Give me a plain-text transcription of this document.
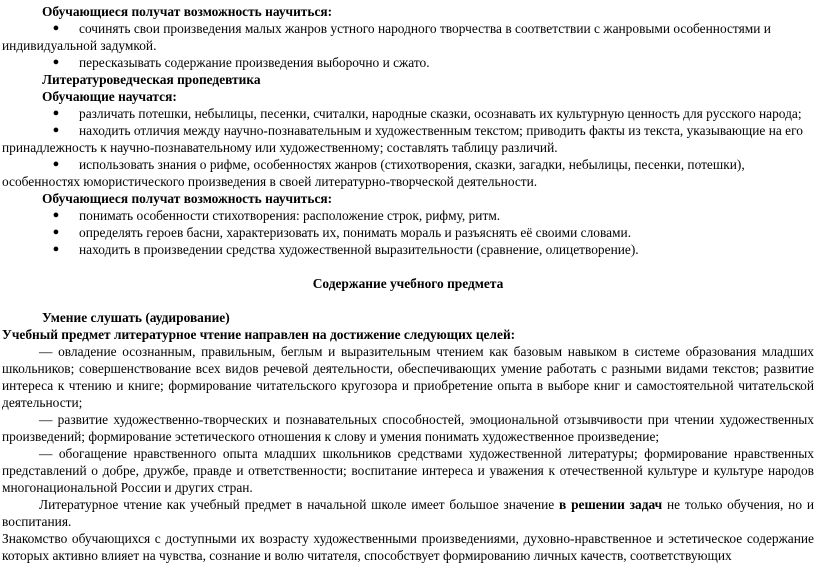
Обучающиеся получат возможность научиться:

● сочинять свои произведения малых жанров устного народного творчества в соответствии с жанровыми особенностями и индивидуальной задумкой.

● пересказывать содержание произведения выборочно и сжато.

Литературоведческая пропедевтика

Обучающие научатся:

● различать потешки, небылицы, песенки, считалки, народные сказки, осознавать их культурную ценность для русского народа;

● находить отличия между научно-познавательным и художественным текстом; приводить факты из текста, указывающие на его принадлежность к научно-познавательному или художественному; составлять таблицу различий.

● использовать знания о рифме, особенностях жанров (стихотворения, сказки, загадки, небылицы, песенки, потешки), особенностях юмористического произведения в своей литературно-творческой деятельности.

Обучающиеся получат возможность научиться:

● понимать особенности стихотворения: расположение строк, рифму, ритм.

● определять героев басни, характеризовать их, понимать мораль и разъяснять её своими словами.

● находить в произведении средства художественной выразительности (сравнение, олицетворение).

Содержание учебного предмета

Умение слушать (аудирование)

Учебный предмет литературное чтение направлен на достижение следующих целей:

— овладение осознанным, правильным, беглым и выразительным чтением как базовым навыком в системе образования младших школьников; совершенствование всех видов речевой деятельности, обеспечивающих умение работать с разными видами текстов; развитие интереса к чтению и книге; формирование читательского кругозора и приобретение опыта в выборе книг и самостоятельной читательской деятельности;

— развитие художественно-творческих и познавательных способностей, эмоциональной отзывчивости при чтении художественных произведений; формирование эстетического отношения к слову и умения понимать художественное произведение;

— обогащение нравственного опыта младших школьников средствами художественной литературы; формирование нравственных представлений о добре, дружбе, правде и ответственности; воспитание интереса и уважения к отечественной культуре и культуре народов многонациональной России и других стран.

Литературное чтение как учебный предмет в начальной школе имеет большое значение в решении задач не только обучения, но и воспитания.

Знакомство обучающихся с доступными их возрасту художественными произведениями, духовно-нравственное и эстетическое содержание которых активно влияет на чувства, сознание и волю читателя, способствует формированию личных качеств, соответствующих
